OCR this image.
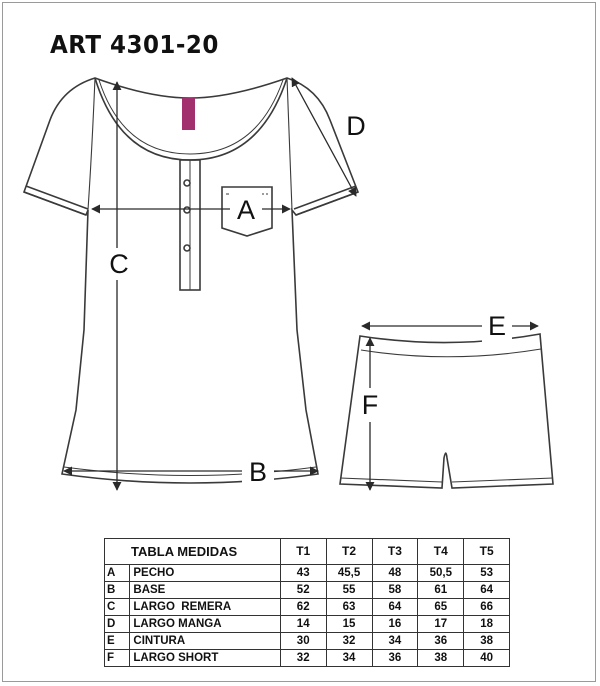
ART 4301-20
A
B
C
D
E
F
TABLA MEDIDAS		T1	T2	T3	T4	T5
A	PECHO	43	45,5	48	50,5	53
B	BASE	52	55	58	61	64
C	LARGO  REMERA	62	63	64	65	66
D	LARGO MANGA	14	15	16	17	18
E	CINTURA	30	32	34	36	38
F	LARGO SHORT	32	34	36	38	40
